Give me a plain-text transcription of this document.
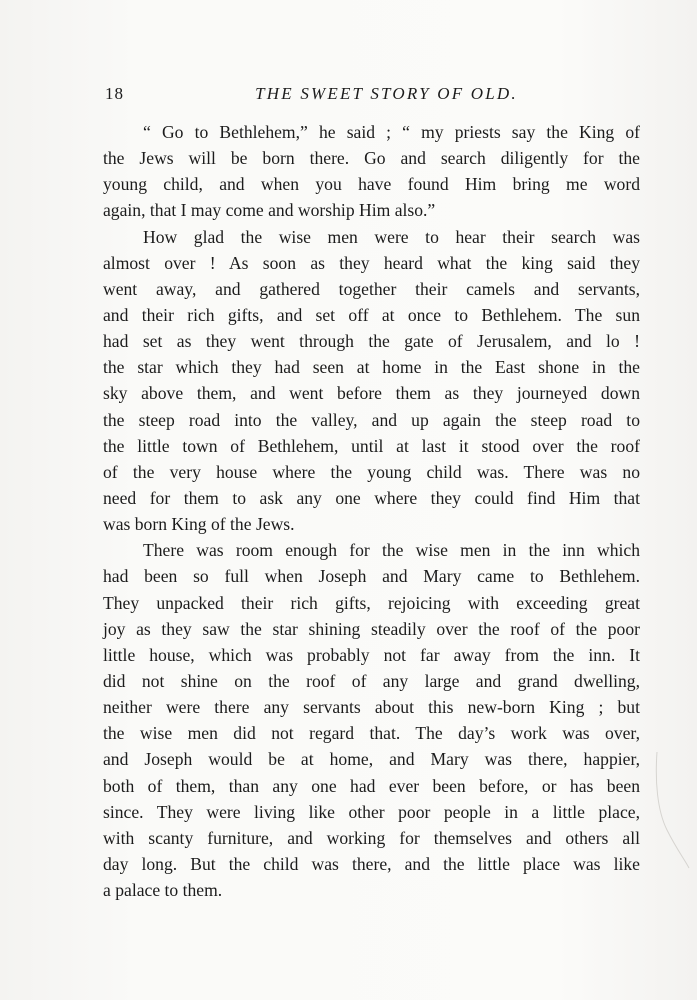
18	THE SWEET STORY OF OLD.
“ Go to Bethlehem,” he said ; “ my priests say the King of
the Jews will be born there. Go and search diligently for the
young child, and when you have found Him bring me word
again, that I may come and worship Him also.”
How glad the wise men were to hear their search was
almost over ! As soon as they heard what the king said they
went away, and gathered together their camels and servants,
and their rich gifts, and set off at once to Bethlehem. The sun
had set as they went through the gate of Jerusalem, and lo !
the star which they had seen at home in the East shone in the
sky above them, and went before them as they journeyed down
the steep road into the valley, and up again the steep road to
the little town of Bethlehem, until at last it stood over the roof
of the very house where the young child was. There was no
need for them to ask any one where they could find Him that
was born King of the Jews.
There was room enough for the wise men in the inn which
had been so full when Joseph and Mary came to Bethlehem.
They unpacked their rich gifts, rejoicing with exceeding great
joy as they saw the star shining steadily over the roof of the poor
little house, which was probably not far away from the inn. It
did not shine on the roof of any large and grand dwelling,
neither were there any servants about this new-born King ; but
the wise men did not regard that. The day’s work was over,
and Joseph would be at home, and Mary was there, happier,
both of them, than any one had ever been before, or has been
since. They were living like other poor people in a little place,
with scanty furniture, and working for themselves and others all
day long. But the child was there, and the little place was like
a palace to them.
